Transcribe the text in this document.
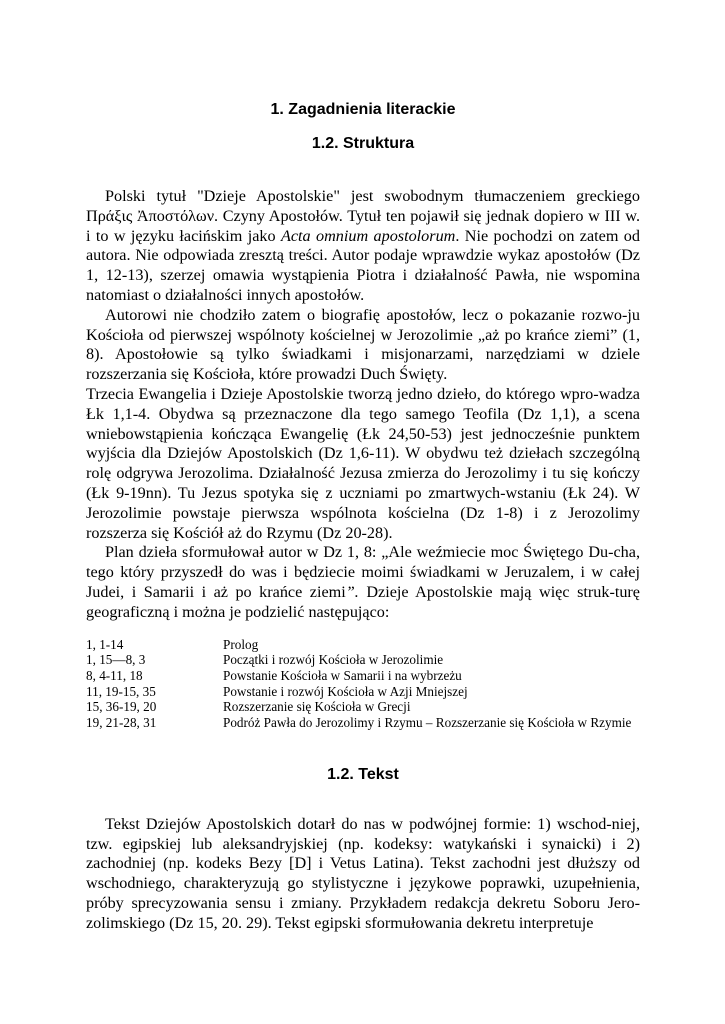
1. Zagadnienia literackie
1.2. Struktura

Polski tytuł "Dzieje Apostolskie" jest swobodnym tłumaczeniem greckiego Πράξις Ἀποστόλων. Czyny Apostołów. Tytuł ten pojawił się jednak dopiero w III w. i to w języku łacińskim jako Acta omnium apostolorum. Nie pochodzi on zatem od autora. Nie odpowiada zresztą treści. Autor podaje wprawdzie wykaz apostołów (Dz 1, 12-13), szerzej omawia wystąpienia Piotra i działalność Pawła, nie wspomina natomiast o działalności innych apostołów.

Autorowi nie chodziło zatem o biografię apostołów, lecz o pokazanie rozwo-ju Kościoła od pierwszej wspólnoty kościelnej w Jerozolimie „aż po krańce ziemi” (1, 8). Apostołowie są tylko świadkami i misjonarzami, narzędziami w dziele rozszerzania się Kościoła, które prowadzi Duch Święty.

Trzecia Ewangelia i Dzieje Apostolskie tworzą jedno dzieło, do którego wpro-wadza Łk 1,1-4. Obydwa są przeznaczone dla tego samego Teofila (Dz 1,1), a scena wniebowstąpienia kończąca Ewangelię (Łk 24,50-53) jest jednocześnie punktem wyjścia dla Dziejów Apostolskich (Dz 1,6-11). W obydwu też dziełach szczególną rolę odgrywa Jerozolima. Działalność Jezusa zmierza do Jerozolimy i tu się kończy (Łk 9-19nn). Tu Jezus spotyka się z uczniami po zmartwych-wstaniu (Łk 24). W Jerozolimie powstaje pierwsza wspólnota kościelna (Dz 1-8) i z Jerozolimy rozszerza się Kościół aż do Rzymu (Dz 20-28).

Plan dzieła sformułował autor w Dz 1, 8: „Ale weźmiecie moc Świętego Du-cha, tego który przyszedł do was i będziecie moimi świadkami w Jeruzalem, i w całej Judei, i Samarii i aż po krańce ziemi”. Dzieje Apostolskie mają więc struk-turę geograficzną i można je podzielić następująco:

1, 1-14	Prolog
1, 15—8, 3	Początki i rozwój Kościoła w Jerozolimie
8, 4-11, 18	Powstanie Kościoła w Samarii i na wybrzeżu
11, 19-15, 35	Powstanie i rozwój Kościoła w Azji Mniejszej
15, 36-19, 20	Rozszerzanie się Kościoła w Grecji
19, 21-28, 31	Podróż Pawła do Jerozolimy i Rzymu – Rozszerzanie się Kościoła w Rzymie
1.2. Tekst

Tekst Dziejów Apostolskich dotarł do nas w podwójnej formie: 1) wschod-niej, tzw. egipskiej lub aleksandryjskiej (np. kodeksy: watykański i synaicki) i 2) zachodniej (np. kodeks Bezy [D] i Vetus Latina). Tekst zachodni jest dłuższy od wschodniego, charakteryzują go stylistyczne i językowe poprawki, uzupełnienia, próby sprecyzowania sensu i zmiany. Przykładem redakcja dekretu Soboru Jero-zolimskiego (Dz 15, 20. 29). Tekst egipski sformułowania dekretu interpretuje
